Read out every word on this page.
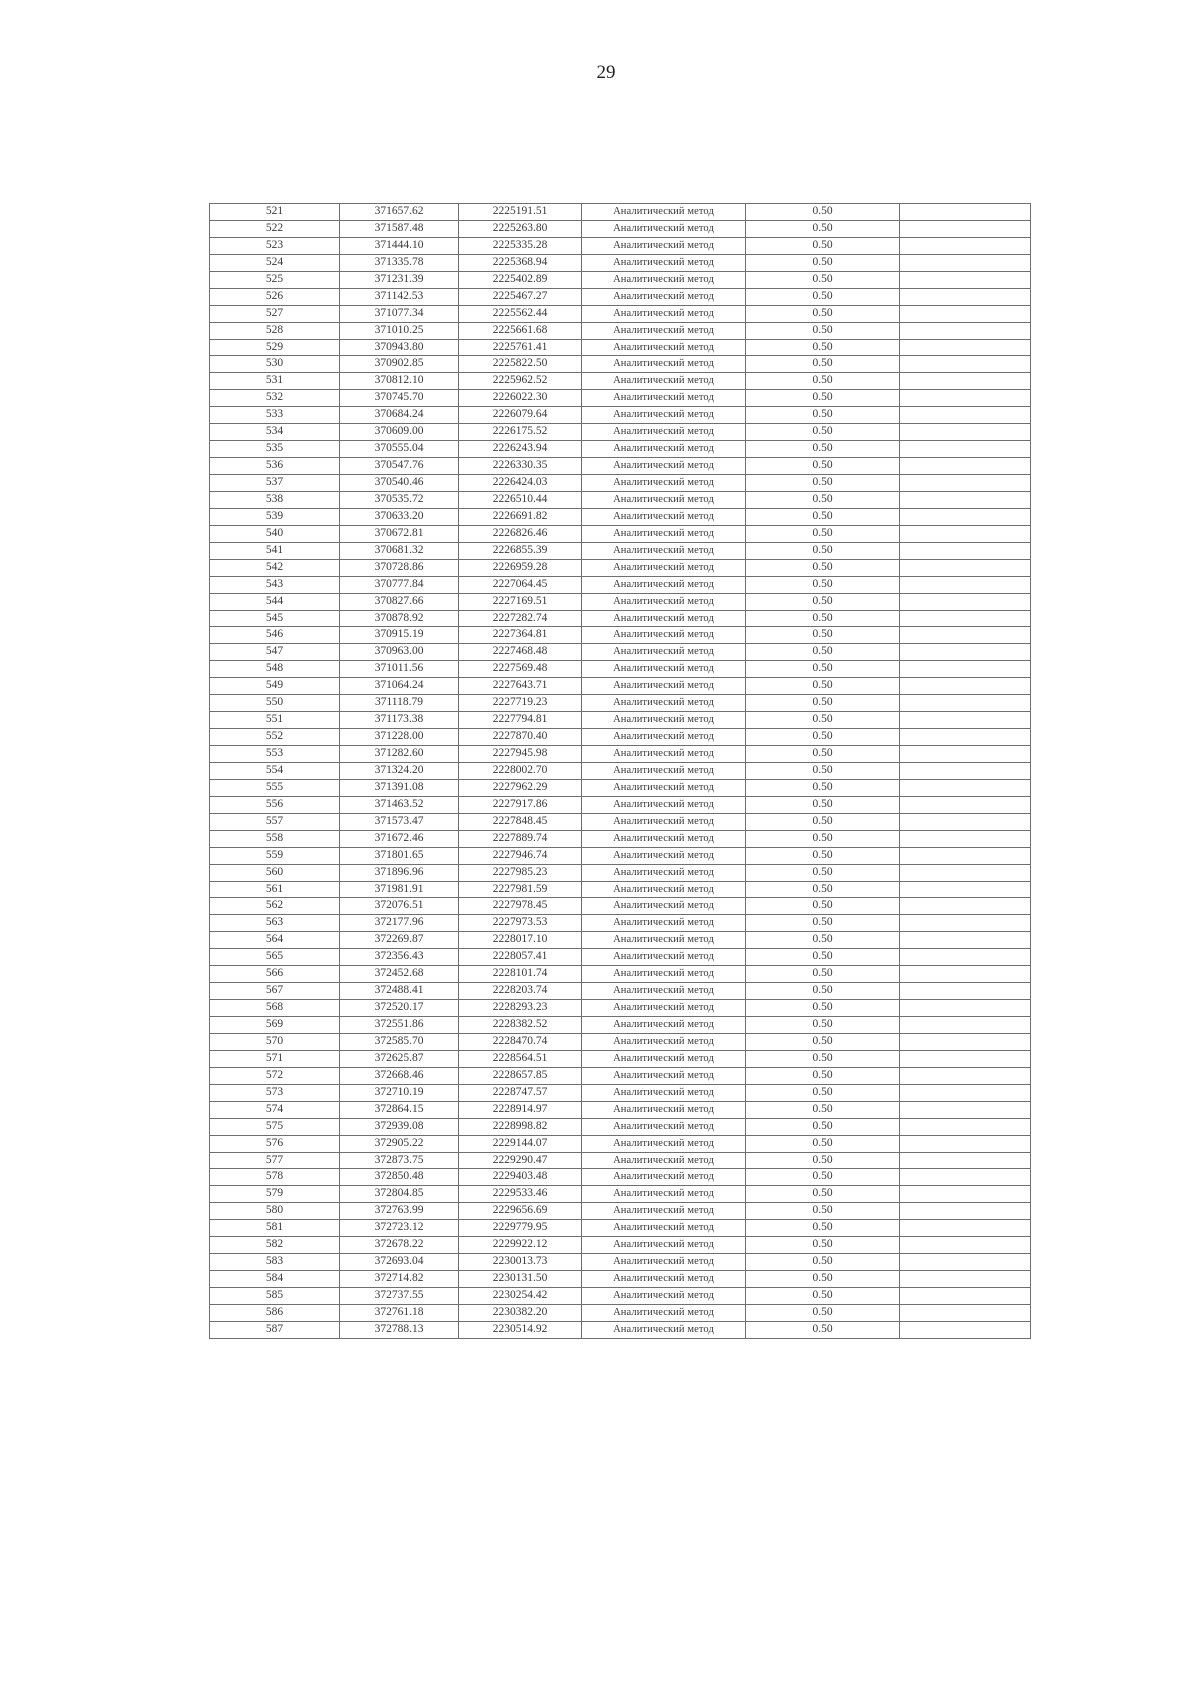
29
521	371657.62	2225191.51	Аналитический метод	0.50	
522	371587.48	2225263.80	Аналитический метод	0.50	
523	371444.10	2225335.28	Аналитический метод	0.50	
524	371335.78	2225368.94	Аналитический метод	0.50	
525	371231.39	2225402.89	Аналитический метод	0.50	
526	371142.53	2225467.27	Аналитический метод	0.50	
527	371077.34	2225562.44	Аналитический метод	0.50	
528	371010.25	2225661.68	Аналитический метод	0.50	
529	370943.80	2225761.41	Аналитический метод	0.50	
530	370902.85	2225822.50	Аналитический метод	0.50	
531	370812.10	2225962.52	Аналитический метод	0.50	
532	370745.70	2226022.30	Аналитический метод	0.50	
533	370684.24	2226079.64	Аналитический метод	0.50	
534	370609.00	2226175.52	Аналитический метод	0.50	
535	370555.04	2226243.94	Аналитический метод	0.50	
536	370547.76	2226330.35	Аналитический метод	0.50	
537	370540.46	2226424.03	Аналитический метод	0.50	
538	370535.72	2226510.44	Аналитический метод	0.50	
539	370633.20	2226691.82	Аналитический метод	0.50	
540	370672.81	2226826.46	Аналитический метод	0.50	
541	370681.32	2226855.39	Аналитический метод	0.50	
542	370728.86	2226959.28	Аналитический метод	0.50	
543	370777.84	2227064.45	Аналитический метод	0.50	
544	370827.66	2227169.51	Аналитический метод	0.50	
545	370878.92	2227282.74	Аналитический метод	0.50	
546	370915.19	2227364.81	Аналитический метод	0.50	
547	370963.00	2227468.48	Аналитический метод	0.50	
548	371011.56	2227569.48	Аналитический метод	0.50	
549	371064.24	2227643.71	Аналитический метод	0.50	
550	371118.79	2227719.23	Аналитический метод	0.50	
551	371173.38	2227794.81	Аналитический метод	0.50	
552	371228.00	2227870.40	Аналитический метод	0.50	
553	371282.60	2227945.98	Аналитический метод	0.50	
554	371324.20	2228002.70	Аналитический метод	0.50	
555	371391.08	2227962.29	Аналитический метод	0.50	
556	371463.52	2227917.86	Аналитический метод	0.50	
557	371573.47	2227848.45	Аналитический метод	0.50	
558	371672.46	2227889.74	Аналитический метод	0.50	
559	371801.65	2227946.74	Аналитический метод	0.50	
560	371896.96	2227985.23	Аналитический метод	0.50	
561	371981.91	2227981.59	Аналитический метод	0.50	
562	372076.51	2227978.45	Аналитический метод	0.50	
563	372177.96	2227973.53	Аналитический метод	0.50	
564	372269.87	2228017.10	Аналитический метод	0.50	
565	372356.43	2228057.41	Аналитический метод	0.50	
566	372452.68	2228101.74	Аналитический метод	0.50	
567	372488.41	2228203.74	Аналитический метод	0.50	
568	372520.17	2228293.23	Аналитический метод	0.50	
569	372551.86	2228382.52	Аналитический метод	0.50	
570	372585.70	2228470.74	Аналитический метод	0.50	
571	372625.87	2228564.51	Аналитический метод	0.50	
572	372668.46	2228657.85	Аналитический метод	0.50	
573	372710.19	2228747.57	Аналитический метод	0.50	
574	372864.15	2228914.97	Аналитический метод	0.50	
575	372939.08	2228998.82	Аналитический метод	0.50	
576	372905.22	2229144.07	Аналитический метод	0.50	
577	372873.75	2229290.47	Аналитический метод	0.50	
578	372850.48	2229403.48	Аналитический метод	0.50	
579	372804.85	2229533.46	Аналитический метод	0.50	
580	372763.99	2229656.69	Аналитический метод	0.50	
581	372723.12	2229779.95	Аналитический метод	0.50	
582	372678.22	2229922.12	Аналитический метод	0.50	
583	372693.04	2230013.73	Аналитический метод	0.50	
584	372714.82	2230131.50	Аналитический метод	0.50	
585	372737.55	2230254.42	Аналитический метод	0.50	
586	372761.18	2230382.20	Аналитический метод	0.50	
587	372788.13	2230514.92	Аналитический метод	0.50	
